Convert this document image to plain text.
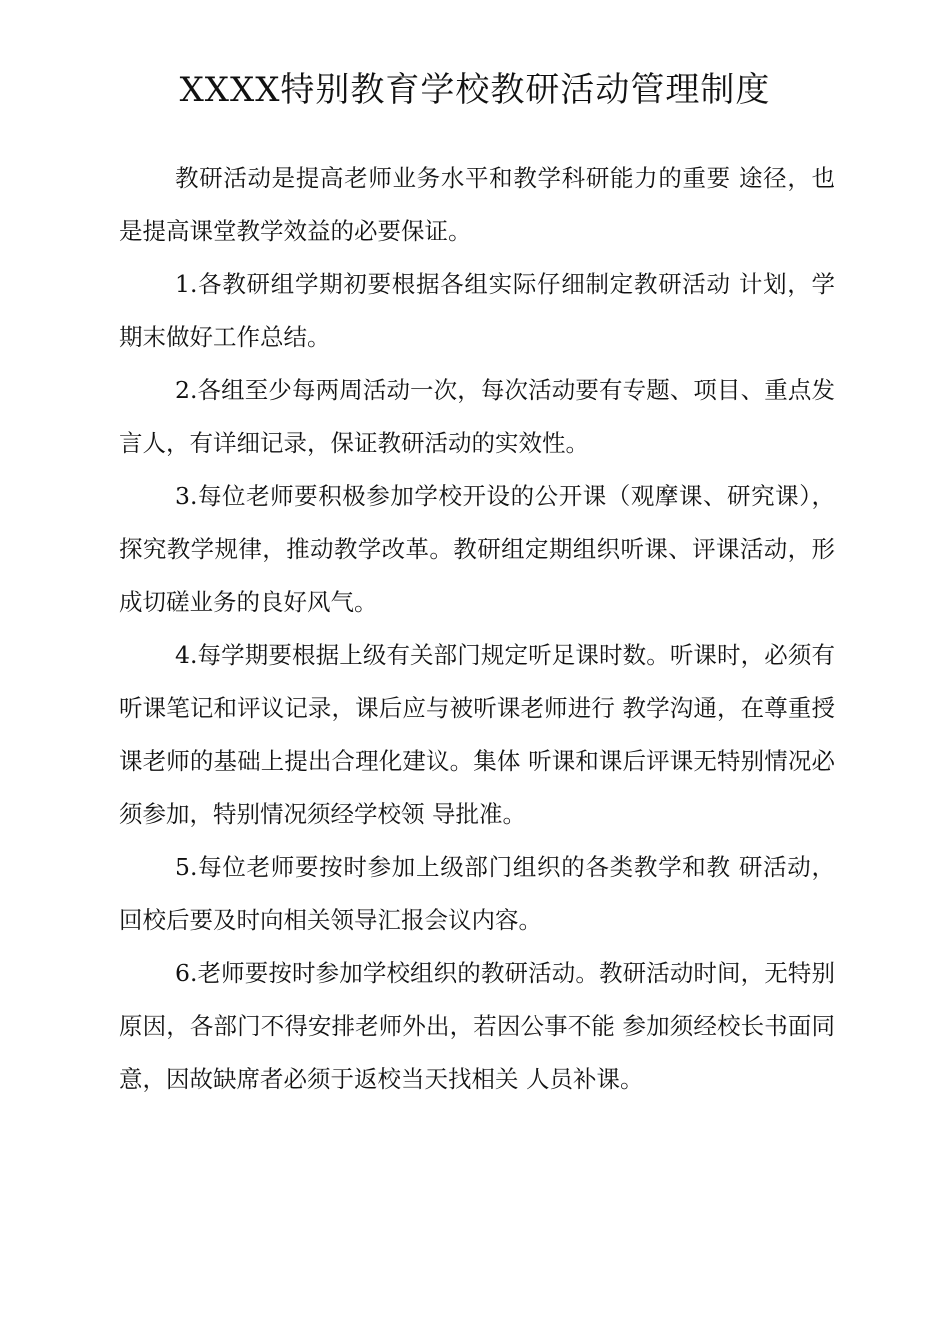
XXXX特别教育学校教研活动管理制度

教研活动是提高老师业务水平和教学科研能力的重要 途径，也是提高课堂教学效益的必要保证。

1.各教研组学期初要根据各组实际仔细制定教研活动 计划，学期末做好工作总结。

2.各组至少每两周活动一次，每次活动要有专题、项目、重点发言人，有详细记录，保证教研活动的实效性。

3.每位老师要积极参加学校开设的公开课（观摩课、研究课），探究教学规律，推动教学改革。教研组定期组织听课、评课活动，形成切磋业务的良好风气。

4.每学期要根据上级有关部门规定听足课时数。听课时，必须有听课笔记和评议记录，课后应与被听课老师进行 教学沟通，在尊重授课老师的基础上提出合理化建议。集体 听课和课后评课无特别情况必须参加，特别情况须经学校领 导批准。

5.每位老师要按时参加上级部门组织的各类教学和教 研活动，回校后要及时向相关领导汇报会议内容。

6.老师要按时参加学校组织的教研活动。教研活动时间，无特别原因，各部门不得安排老师外出，若因公事不能 参加须经校长书面同意，因故缺席者必须于返校当天找相关 人员补课。
